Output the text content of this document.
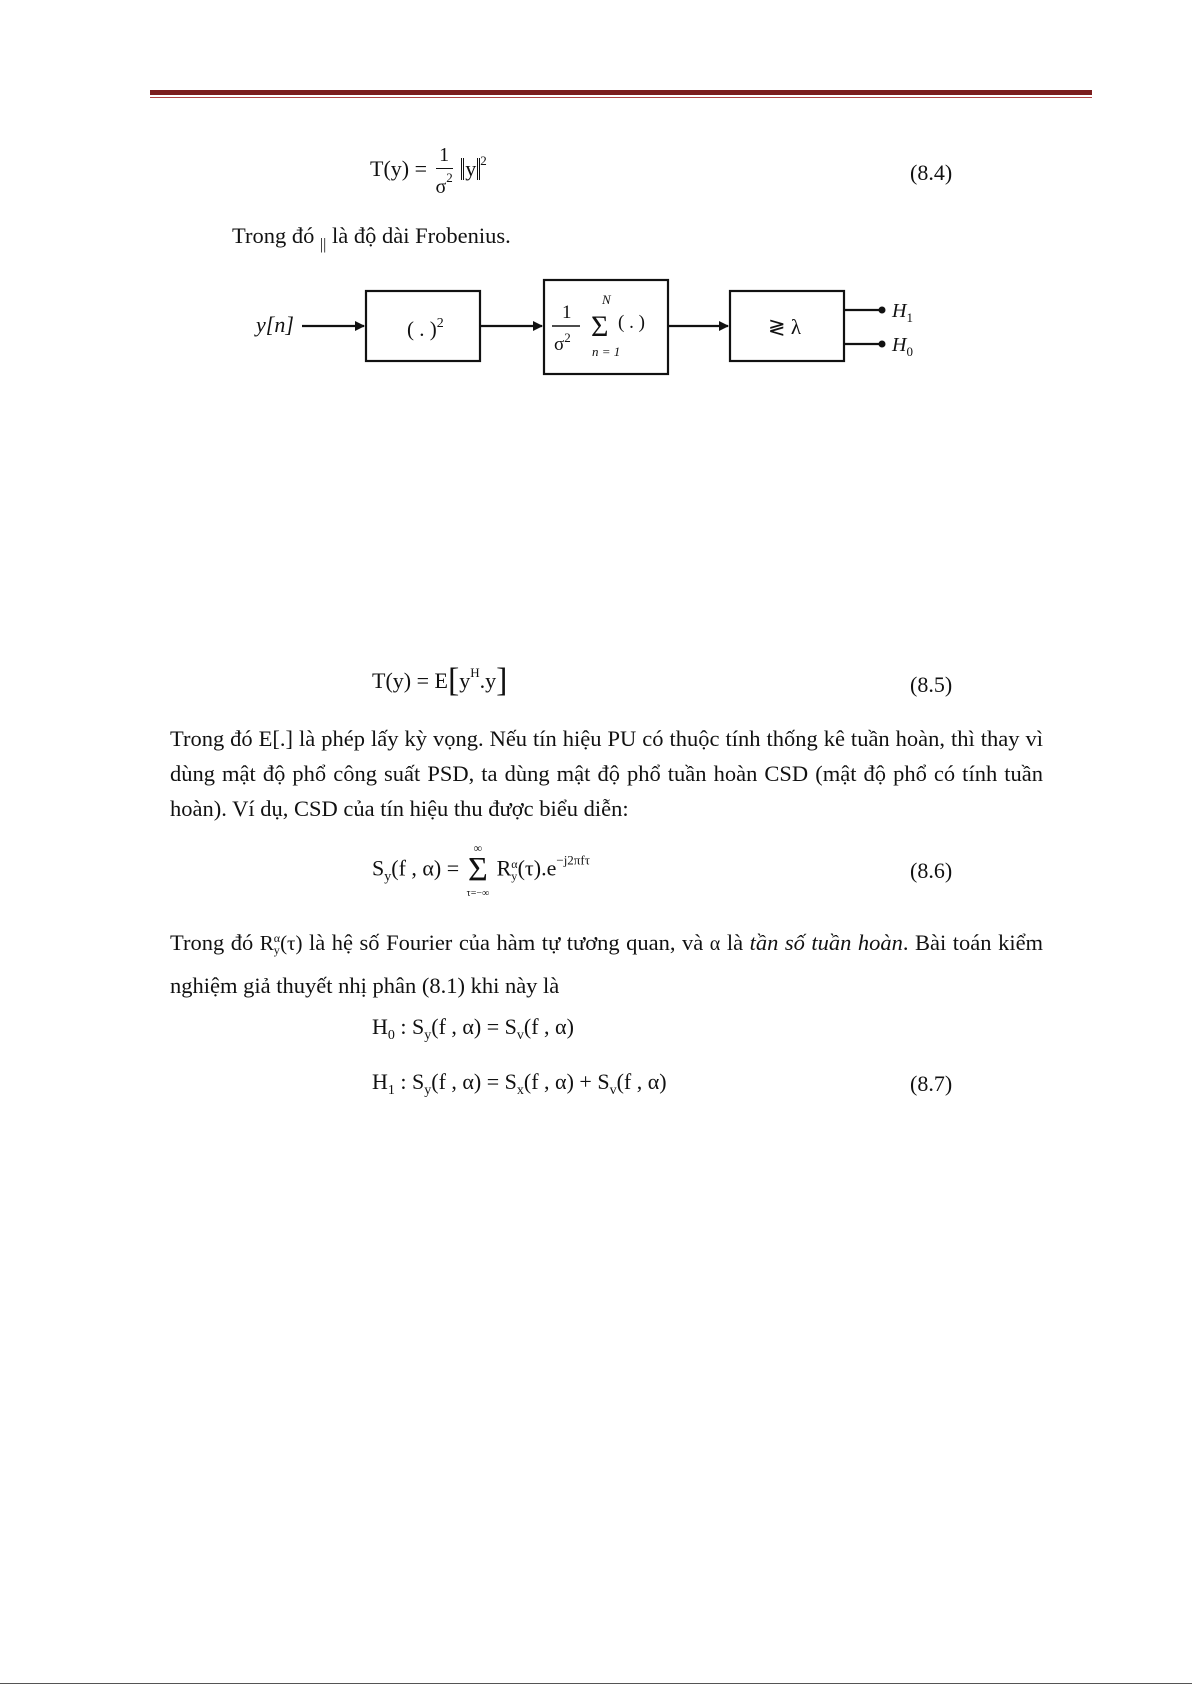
$T(y) = \frac{1}{\sigma^2}$ y $^2$	(8.4)
Trong đó $_{||}$ là độ dài Frobenius.
y[n]	( . )$^2$
1
$\sigma^2$
N
Σ ( . )
n = 1
≷ λ
$H_1$
$H_0$
$T(y) = E[y^H.y]$	(8.5)
Trong đó E[.] là phép lấy kỳ vọng. Nếu tín hiệu PU có thuộc tính thống kê tuần hoàn, thì thay vì dùng mật độ phổ công suất PSD, ta dùng mật độ phổ tuần hoàn CSD (mật độ phổ có tính tuần hoàn). Ví dụ, CSD của tín hiệu thu được biểu diễn:
$S_y(f$ , α) = ∞
Σ
τ=−∞ R α
y $(\tau).e^{-j2\pi f\tau}$	(8.6)
Trong đó R α
y (τ) là hệ số Fourier của hàm tự tương quan, và α là tần số tuần hoàn. Bài toán kiểm nghiệm giả thuyết nhị phân (8.1) khi này là
$H_0$ : $S_y(f$ , $\alpha) = S_v(f$ , α)
$H_1$ : $S_y(f$ , $\alpha) = S_x(f$ , $\alpha) + S_v(f$ , α)	(8.7)
